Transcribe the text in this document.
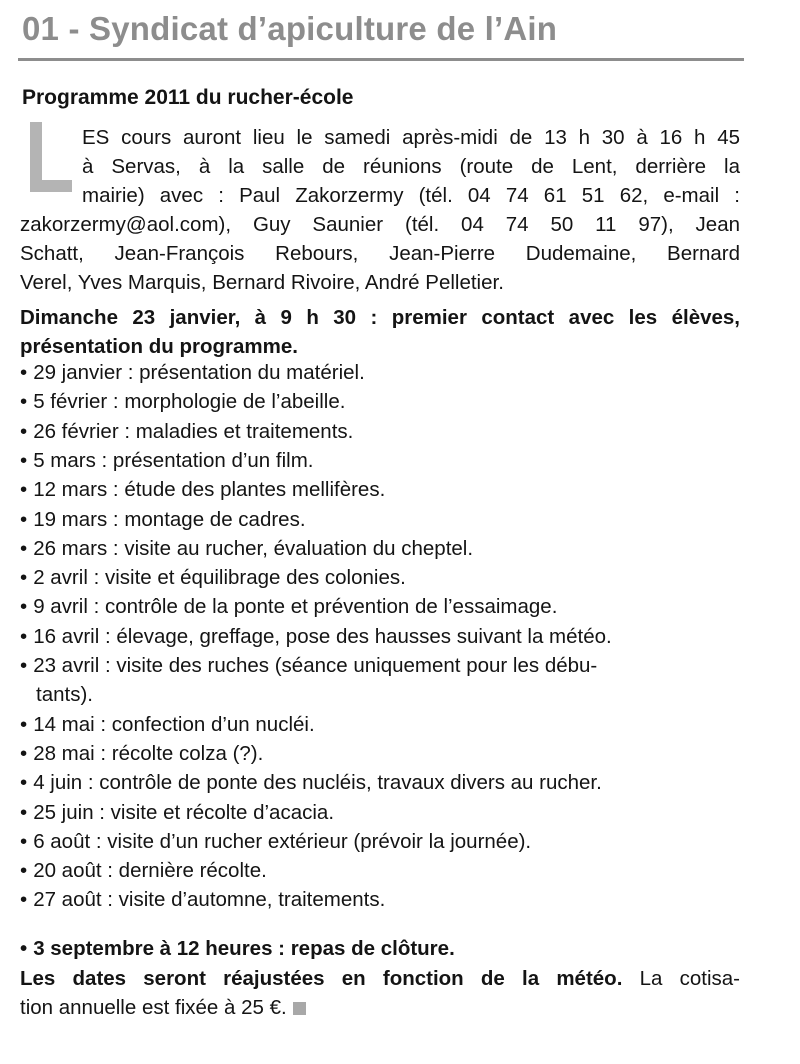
01 - Syndicat d’apiculture de l’Ain
Programme 2011 du rucher-école
ES cours auront lieu le samedi après-midi de 13 h 30 à 16 h 45
à Servas, à la salle de réunions (route de Lent, derrière la
mairie) avec : Paul Zakorzermy (tél. 04 74 61 51 62, e-mail :
zakorzermy@aol.com), Guy Saunier (tél. 04 74 50 11 97), Jean
Schatt, Jean-François Rebours, Jean-Pierre Dudemaine, Bernard
Verel, Yves Marquis, Bernard Rivoire, André Pelletier.
Dimanche 23 janvier, à 9 h 30 : premier contact avec les élèves,
présentation du programme.
• 29 janvier : présentation du matériel.
• 5 février : morphologie de l’abeille.
• 26 février : maladies et traitements.
• 5 mars : présentation d’un film.
• 12 mars : étude des plantes mellifères.
• 19 mars : montage de cadres.
• 26 mars : visite au rucher, évaluation du cheptel.
• 2 avril : visite et équilibrage des colonies.
• 9 avril : contrôle de la ponte et prévention de l’essaimage.
• 16 avril : élevage, greffage, pose des hausses suivant la météo.
• 23 avril : visite des ruches (séance uniquement pour les débu-
tants).
• 14 mai : confection d’un nucléi.
• 28 mai : récolte colza (?).
• 4 juin : contrôle de ponte des nucléis, travaux divers au rucher.
• 25 juin : visite et récolte d’acacia.
• 6 août : visite d’un rucher extérieur (prévoir la journée).
• 20 août : dernière récolte.
• 27 août : visite d’automne, traitements.
• 3 septembre à 12 heures : repas de clôture.
Les dates seront réajustées en fonction de la météo. La cotisa-
tion annuelle est fixée à 25 €.
